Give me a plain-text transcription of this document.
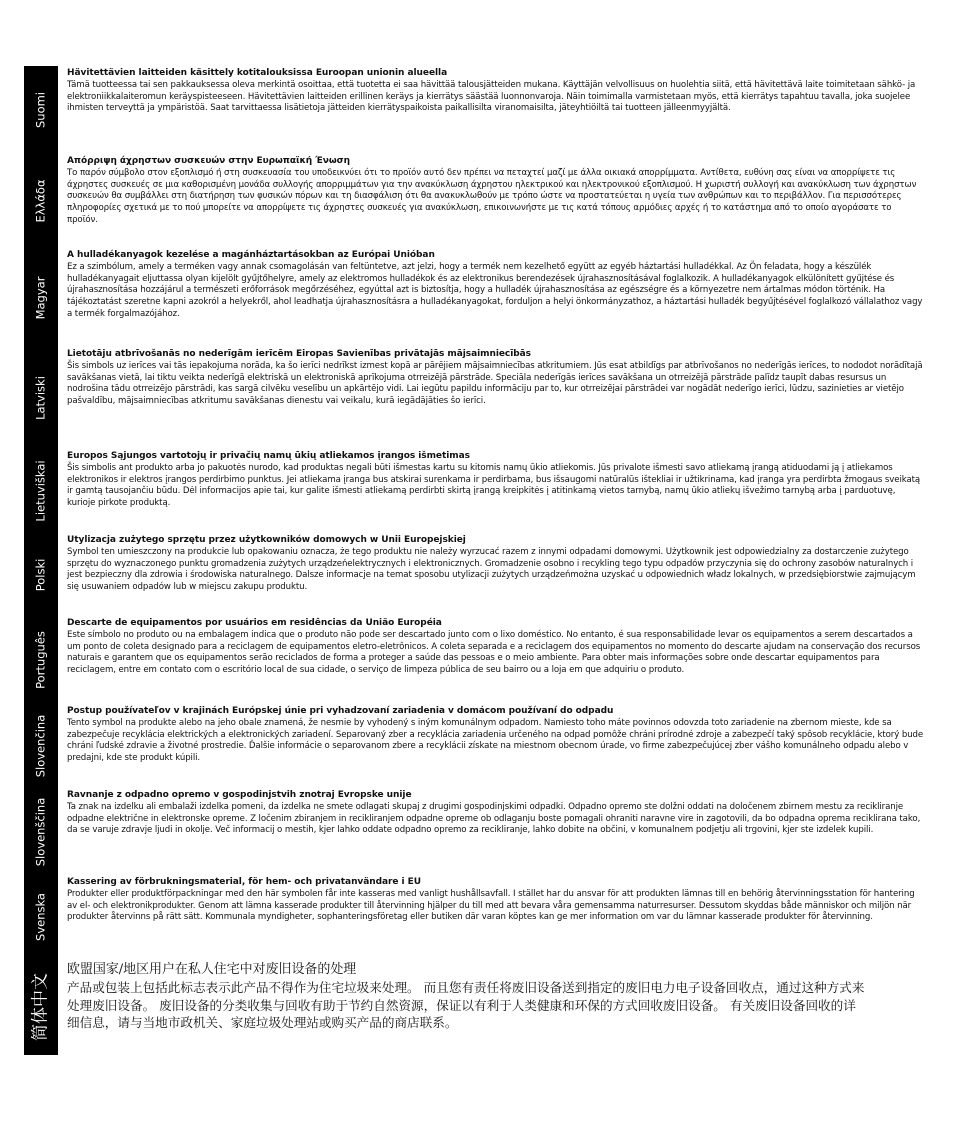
Suomi

Hävitettävien laitteiden käsittely kotitalouksissa Euroopan unionin alueella

Tämä tuotteessa tai sen pakkauksessa oleva merkintä osoittaa, että tuotetta ei saa hävittää talousjätteiden mukana. Käyttäjän velvollisuus on huolehtia siitä, että hävitettävä laite toimitetaan sähkö- ja elektroniikkalaiteromun keräyspisteeseen. Hävitettävien laitteiden erillinen keräys ja kierrätys säästää luonnonvaroja. Näin toimimalla varmistetaan myös, että kierrätys tapahtuu tavalla, joka suojelee ihmisten terveyttä ja ympäristöä. Saat tarvittaessa lisätietoja jätteiden kierrätyspaikoista paikallisilta viranomaisilta, jäteyhtiöiltä tai tuotteen jälleenmyyjältä.

Ελλάδα

Απόρριψη άχρηστων συσκευών στην Ευρωπαϊκή Ένωση

Το παρόν σύμβολο στον εξοπλισμό ή στη συσκευασία του υποδεικνύει ότι το προϊόν αυτό δεν πρέπει να πεταχτεί μαζί με άλλα οικιακά απορρίμματα. Αντίθετα, ευθύνη σας είναι να απορρίψετε τις άχρηστες συσκευές σε μια καθορισμένη μονάδα συλλογής απορριμμάτων για την ανακύκλωση άχρηστου ηλεκτρικού και ηλεκτρονικού εξοπλισμού. Η χωριστή συλλογή και ανακύκλωση των άχρηστων συσκευών θα συμβάλλει στη διατήρηση των φυσικών πόρων και τη διασφάλιση ότι θα ανακυκλωθούν με τρόπο ώστε να προστατεύεται η υγεία των ανθρώπων και το περιβάλλον. Για περισσότερες πληροφορίες σχετικά με το πού μπορείτε να απορρίψετε τις άχρηστες συσκευές για ανακύκλωση, επικοινωνήστε με τις κατά τόπους αρμόδιες αρχές ή το κατάστημα από το οποίο αγοράσατε το προϊόν.

Magyar

A hulladékanyagok kezelése a magánháztartásokban az Európai Unióban

Ez a szimbólum, amely a terméken vagy annak csomagolásán van feltüntetve, azt jelzi, hogy a termék nem kezelhető együtt az egyéb háztartási hulladékkal. Az Ön feladata, hogy a készülék hulladékanyagait eljuttassa olyan kijelölt gyűjtőhelyre, amely az elektromos hulladékok és az elektronikus berendezések újrahasznosításával foglalkozik. A hulladékanyagok elkülönített gyűjtése és újrahasznosítása hozzájárul a természeti erőforrások megőrzéséhez, egyúttal azt is biztosítja, hogy a hulladék újrahasznosítása az egészségre és a környezetre nem ártalmas módon történik. Ha tájékoztatást szeretne kapni azokról a helyekről, ahol leadhatja újrahasznosításra a hulladékanyagokat, forduljon a helyi önkormányzathoz, a háztartási hulladék begyűjtésével foglalkozó vállalathoz vagy a termék forgalmazójához.

Latviski

Lietotāju atbrīvošanās no nederīgām ierīcēm Eiropas Savienības privātajās mājsaimniecībās

Šis simbols uz ierīces vai tās iepakojuma norāda, ka šo ierīci nedrīkst izmest kopā ar pārējiem mājsaimniecības atkritumiem. Jūs esat atbildīgs par atbrīvošanos no nederīgās ierīces, to nododot norādītajā savākšanas vietā, lai tiktu veikta nederīgā elektriskā un elektroniskā aprīkojuma otrreizējā pārstrāde. Speciāla nederīgās ierīces savākšana un otrreizējā pārstrāde palīdz taupīt dabas resursus un nodrošina tādu otrreizējo pārstrādi, kas sargā cilvēku veselību un apkārtējo vidi. Lai iegūtu papildu informāciju par to, kur otrreizējai pārstrādei var nogādāt nederīgo ierīci, lūdzu, sazinieties ar vietējo pašvaldību, mājsaimniecības atkritumu savākšanas dienestu vai veikalu, kurā iegādājāties šo ierīci.

Lietuviškai

Europos Sąjungos vartotojų ir privačių namų ūkių atliekamos įrangos išmetimas

Šis simbolis ant produkto arba jo pakuotės nurodo, kad produktas negali būti išmestas kartu su kitomis namų ūkio atliekomis. Jūs privalote išmesti savo atliekamą įrangą atiduodami ją į atliekamos elektronikos ir elektros įrangos perdirbimo punktus. Jei atliekama įranga bus atskirai surenkama ir perdirbama, bus išsaugomi natūralūs ištekliai ir užtikrinama, kad įranga yra perdirbta žmogaus sveikatą ir gamtą tausojančiu būdu. Dėl informacijos apie tai, kur galite išmesti atliekamą perdirbti skirtą įrangą kreipkitės į atitinkamą vietos tarnybą, namų ūkio atliekų išvežimo tarnybą arba į parduotuvę, kurioje pirkote produktą.

Polski

Utylizacja zużytego sprzętu przez użytkowników domowych w Unii Europejskiej

Symbol ten umieszczony na produkcie lub opakowaniu oznacza, że tego produktu nie należy wyrzucać razem z innymi odpadami domowymi. Użytkownik jest odpowiedzialny za dostarczenie zużytego sprzętu do wyznaczonego punktu gromadzenia zużytych urządzeńelektrycznych i elektronicznych. Gromadzenie osobno i recykling tego typu odpadów przyczynia się do ochrony zasobów naturalnych i jest bezpieczny dla zdrowia i środowiska naturalnego. Dalsze informacje na temat sposobu utylizacji zużytych urządzeńmożna uzyskać u odpowiednich władz lokalnych, w przedsiębiorstwie zajmującym się usuwaniem odpadów lub w miejscu zakupu produktu.

Português

Descarte de equipamentos por usuários em residências da União Européia

Este símbolo no produto ou na embalagem indica que o produto não pode ser descartado junto com o lixo doméstico. No entanto, é sua responsabilidade levar os equipamentos a serem descartados a um ponto de coleta designado para a reciclagem de equipamentos eletro-eletrônicos. A coleta separada e a reciclagem dos equipamentos no momento do descarte ajudam na conservação dos recursos naturais e garantem que os equipamentos serão reciclados de forma a proteger a saúde das pessoas e o meio ambiente. Para obter mais informações sobre onde descartar equipamentos para reciclagem, entre em contato com o escritório local de sua cidade, o serviço de limpeza pública de seu bairro ou a loja em que adquiriu o produto.

Slovenčina

Postup používateľov v krajinách Európskej únie pri vyhadzovaní zariadenia v domácom používaní do odpadu

Tento symbol na produkte alebo na jeho obale znamená, že nesmie by vyhodený s iným komunálnym odpadom. Namiesto toho máte povinnos odovzda toto zariadenie na zbernom mieste, kde sa zabezpečuje recyklácia elektrických a elektronických zariadení. Separovaný zber a recyklácia zariadenia určeného na odpad pomôže chráni prírodné zdroje a zabezpečí taký spôsob recyklácie, ktorý bude chráni ľudské zdravie a životné prostredie. Ďalšie informácie o separovanom zbere a recyklácii získate na miestnom obecnom úrade, vo firme zabezpečujúcej zber vášho komunálneho odpadu alebo v predajni, kde ste produkt kúpili.

Slovenščina

Ravnanje z odpadno opremo v gospodinjstvih znotraj Evropske unije

Ta znak na izdelku ali embalaži izdelka pomeni, da izdelka ne smete odlagati skupaj z drugimi gospodinjskimi odpadki. Odpadno opremo ste dolžni oddati na določenem zbirnem mestu za recikliranje odpadne električne in elektronske opreme. Z ločenim zbiranjem in recikliranjem odpadne opreme ob odlaganju boste pomagali ohraniti naravne vire in zagotovili, da bo odpadna oprema reciklirana tako, da se varuje zdravje ljudi in okolje. Več informacij o mestih, kjer lahko oddate odpadno opremo za recikliranje, lahko dobite na občini, v komunalnem podjetju ali trgovini, kjer ste izdelek kupili.

Svenska

Kassering av förbrukningsmaterial, för hem- och privatanvändare i EU

Produkter eller produktförpackningar med den här symbolen får inte kasseras med vanligt hushållsavfall. I stället har du ansvar för att produkten lämnas till en behörig återvinningsstation för hantering av el- och elektronikprodukter. Genom att lämna kasserade produkter till återvinning hjälper du till med att bevara våra gemensamma naturresurser. Dessutom skyddas både människor och miljön när produkter återvinns på rätt sätt. Kommunala myndigheter, sophanteringsföretag eller butiken där varan köptes kan ge mer information om var du lämnar kasserade produkter för återvinning.

简体中文

欧盟国家/地区用户在私人住宅中对废旧设备的处理

产品或包装上包括此标志表示此产品不得作为住宅垃圾来处理。 而且您有责任将废旧设备送到指定的废旧电力电子设备回收点，通过这种方式来处理废旧设备。 废旧设备的分类收集与回收有助于节约自然资源，保证以有利于人类健康和环保的方式回收废旧设备。 有关废旧设备回收的详细信息，请与当地市政机关、家庭垃圾处理站或购买产品的商店联系。
